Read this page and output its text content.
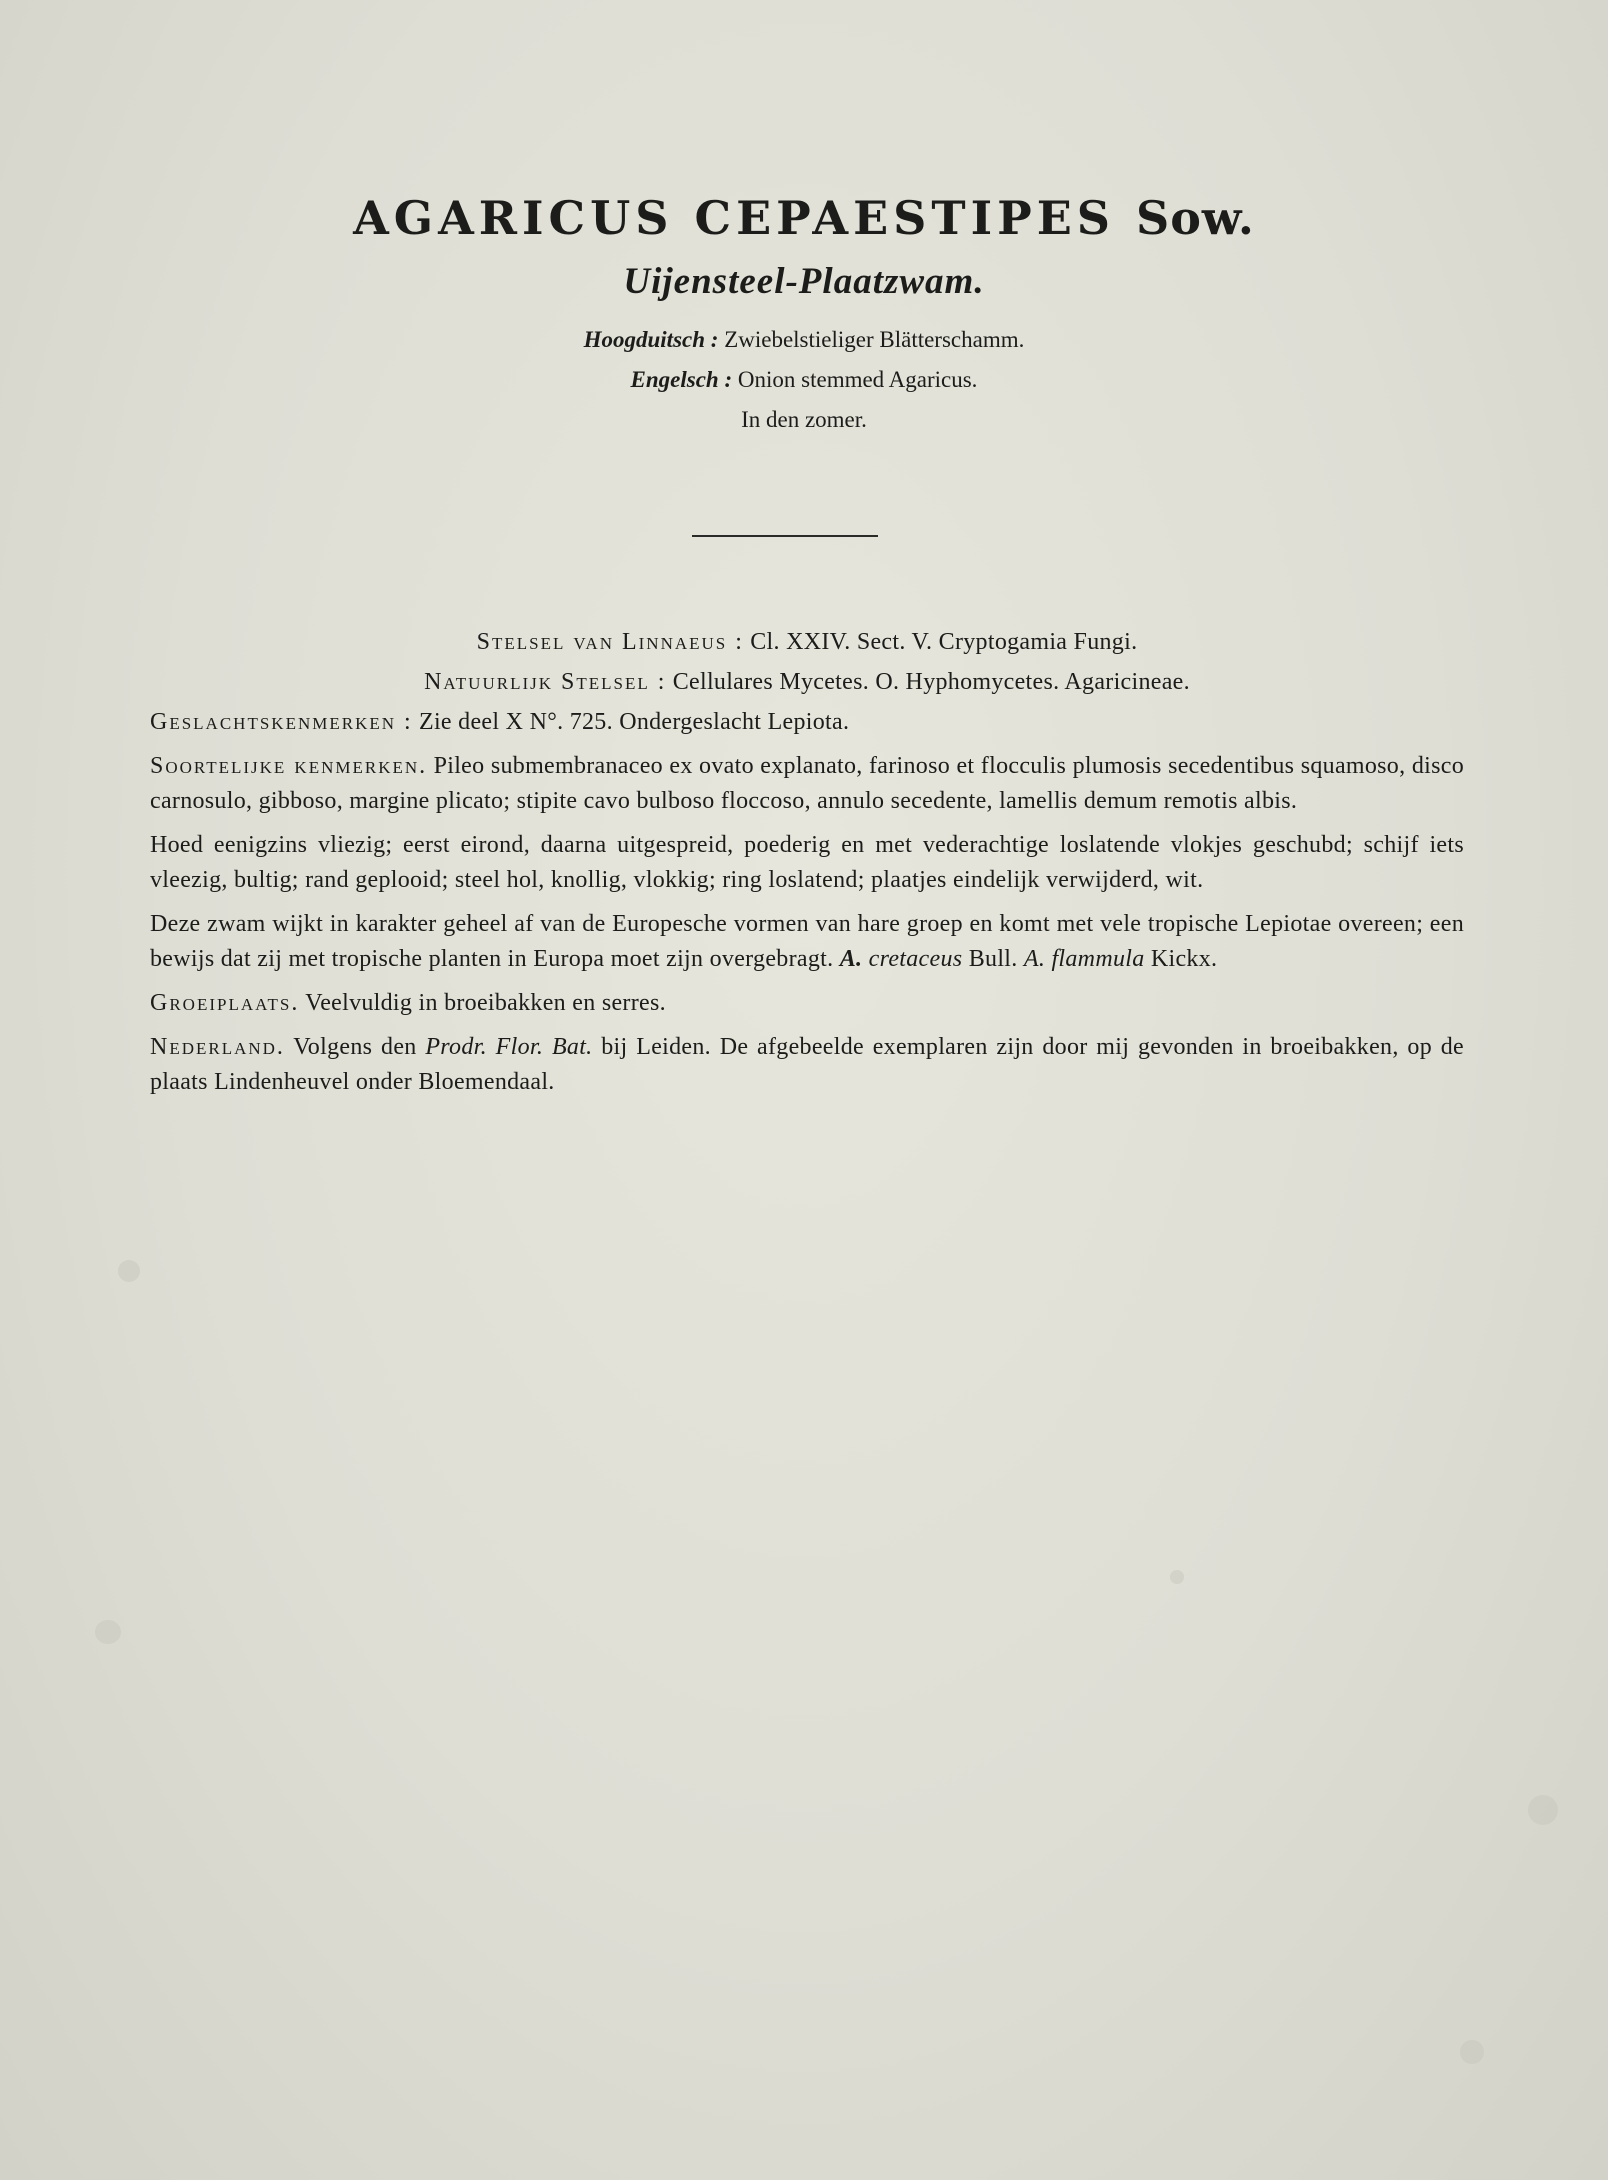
AGARICUS CEPAESTIPES Sow.
Uijensteel-Plaatzwam.
Hoogduitsch : Zwiebelstieliger Blätterschamm.
Engelsch : Onion stemmed Agaricus.
In den zomer.

Stelsel van Linnaeus : Cl. XXIV. Sect. V. Cryptogamia Fungi.

Natuurlijk Stelsel : Cellulares Mycetes. O. Hyphomycetes. Agaricineae.

Geslachtskenmerken : Zie deel X N°. 725. Ondergeslacht Lepiota.

Soortelijke kenmerken. Pileo submembranaceo ex ovato explanato, farinoso et flocculis plumosis secedentibus squamoso, disco carnosulo, gibboso, margine plicato; stipite cavo bulboso floccoso, annulo secedente, lamellis demum remotis albis.

Hoed eenigzins vliezig; eerst eirond, daarna uitgespreid, poederig en met vederachtige loslatende vlokjes geschubd; schijf iets vleezig, bultig; rand geplooid; steel hol, knollig, vlokkig; ring loslatend; plaatjes eindelijk verwijderd, wit.

Deze zwam wijkt in karakter geheel af van de Europesche vormen van hare groep en komt met vele tropische Lepiotae overeen; een bewijs dat zij met tropische planten in Europa moet zijn overgebragt. A. cretaceus Bull. A. flammula Kickx.

Groeiplaats. Veelvuldig in broeibakken en serres.

Nederland. Volgens den Prodr. Flor. Bat. bij Leiden. De afgebeelde exemplaren zijn door mij gevonden in broeibakken, op de plaats Lindenheuvel onder Bloemendaal.
